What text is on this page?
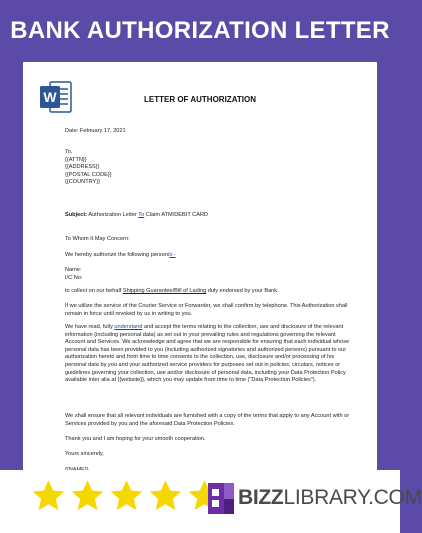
BANK AUTHORIZATION LETTER
W	LETTER OF AUTHORIZATION
Date: February 17, 2021
To,
{{ATTN}}
{{ADDRESS}}
{{POSTAL CODE}}
{{COUNTRY}}
Subject: Authorization Letter To Claim ATM/DEBIT CARD
To Whom It May Concern:
We hereby authorize the following person/s:-
Name:
I/C No:
to collect on our behalf Shipping Guarantee/Bill of Lading duly endorsed by your Bank.
If we utilize the service of the Courier Service or Forwarder, we shall confirm by telephone. This Authorization shall remain in force until revoked by us in writing to you.
We have read, fully understand and accept the terms relating to the collection, use and disclosure of the relevant information (including personal data) as set out in your prevailing rules and regulations governing the relevant Account and Services. We acknowledge and agree that we are responsible for ensuring that each individual whose personal data has been provided to you (including authorized signatories and authorized persons) pursuant to our authorization hereto and from time to time consents to the collection, use, disclosure and/or processing of his personal data by you and your authorized service providers for purposes set out in policies, circulars, notices or guidelines governing your collection, use and/or disclosure of personal data, including your Data Protection Policy available inter alia at {{website}}, which you may update from time to time ("Data Protection Policies").
We shall ensure that all relevant individuals are furnished with a copy of the terms that apply to any Account with or Services provided by you and the aforesaid Data Protection Policies.
Thank you and I am hoping for your smooth cooperation.
Yours sincerely,
BIZZLIBRARY.COM
